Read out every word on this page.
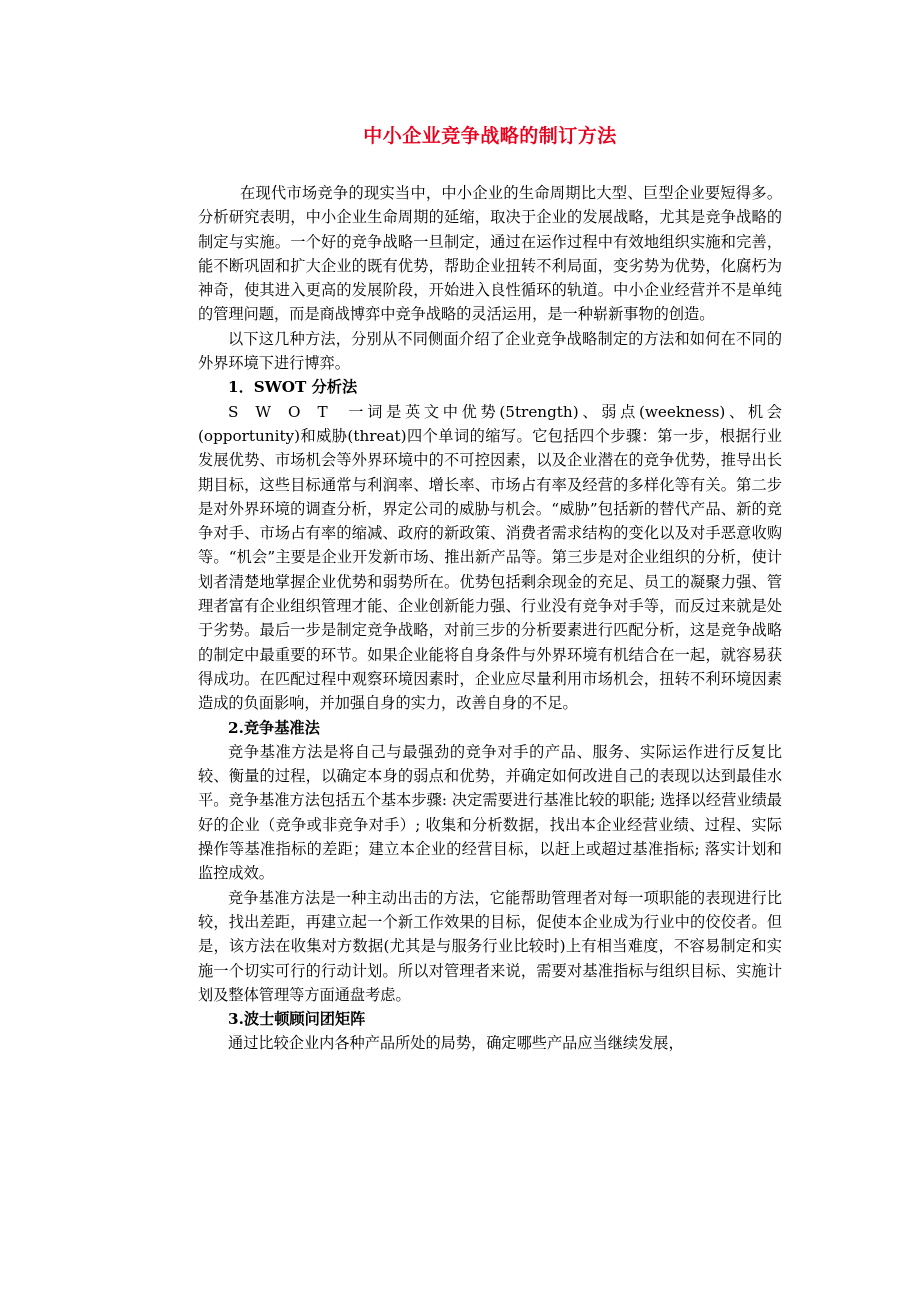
中小企业竞争战略的制订方法

在现代市场竞争的现实当中，中小企业的生命周期比大型、巨型企业要短得多。分析研究表明，中小企业生命周期的延缩，取决于企业的发展战略，尤其是竞争战略的制定与实施。一个好的竞争战略一旦制定，通过在运作过程中有效地组织实施和完善，能不断巩固和扩大企业的既有优势，帮助企业扭转不利局面，变劣势为优势，化腐朽为神奇，使其进入更高的发展阶段，开始进入良性循环的轨道。中小企业经营并不是单纯的管理问题，而是商战博弈中竞争战略的灵活运用，是一种崭新事物的创造。

以下这几种方法，分别从不同侧面介绍了企业竞争战略制定的方法和如何在不同的外界环境下进行博弈。

1．SWOT 分析法

SWOT一词是英文中优势(5trength)、弱点(weekness)、机会(opportunity)和威胁(threat)四个单词的缩写。它包括四个步骤：第一步，根据行业发展优势、市场机会等外界环境中的不可控因素，以及企业潜在的竞争优势，推导出长期目标，这些目标通常与利润率、增长率、市场占有率及经营的多样化等有关。第二步是对外界环境的调查分析，界定公司的威胁与机会。“威胁”包括新的替代产品、新的竞争对手、市场占有率的缩减、政府的新政策、消费者需求结构的变化以及对手恶意收购等。“机会”主要是企业开发新市场、推出新产品等。第三步是对企业组织的分析，使计划者清楚地掌握企业优势和弱势所在。优势包括剩余现金的充足、员工的凝聚力强、管理者富有企业组织管理才能、企业创新能力强、行业没有竞争对手等，而反过来就是处于劣势。最后一步是制定竞争战略，对前三步的分析要素进行匹配分析，这是竞争战略的制定中最重要的环节。如果企业能将自身条件与外界环境有机结合在一起，就容易获得成功。在匹配过程中观察环境因素时，企业应尽量利用市场机会，扭转不利环境因素造成的负面影响，并加强自身的实力，改善自身的不足。

2.竞争基准法

竞争基准方法是将自己与最强劲的竞争对手的产品、服务、实际运作进行反复比较、衡量的过程，以确定本身的弱点和优势，并确定如何改进自己的表现以达到最佳水平。竞争基准方法包括五个基本步骤: 决定需要进行基准比较的职能; 选择以经营业绩最好的企业（竞争或非竞争对手）; 收集和分析数据，找出本企业经营业绩、过程、实际操作等基准指标的差距；建立本企业的经营目标，以赶上或超过基准指标; 落实计划和监控成效。

竞争基准方法是一种主动出击的方法，它能帮助管理者对每一项职能的表现进行比较，找出差距，再建立起一个新工作效果的目标，促使本企业成为行业中的佼佼者。但是，该方法在收集对方数据(尤其是与服务行业比较时)上有相当难度，不容易制定和实施一个切实可行的行动计划。所以对管理者来说，需要对基准指标与组织目标、实施计划及整体管理等方面通盘考虑。

3.波士顿顾问团矩阵

通过比较企业内各种产品所处的局势，确定哪些产品应当继续发展，
